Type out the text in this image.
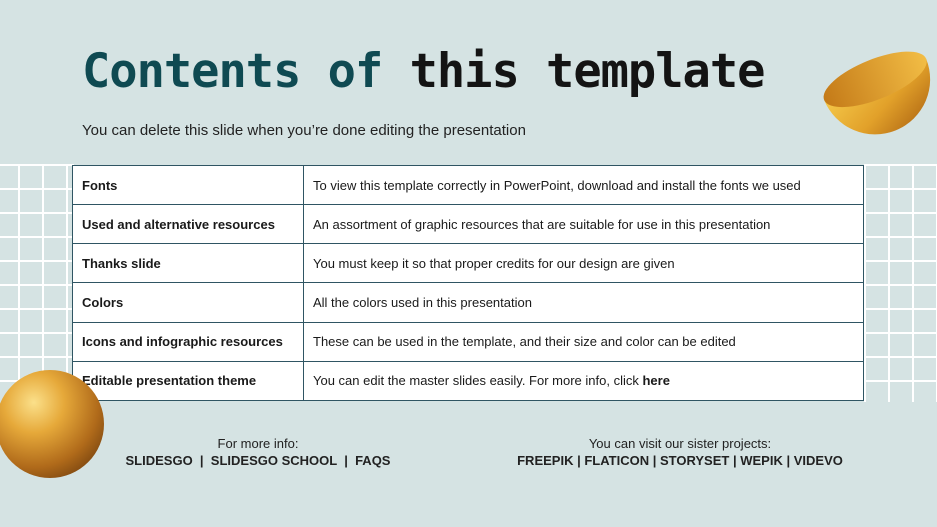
Contents of this template
You can delete this slide when you’re done editing the presentation
Fonts	To view this template correctly in PowerPoint, download and install the fonts we used
Used and alternative resources	An assortment of graphic resources that are suitable for use in this presentation
Thanks slide	You must keep it so that proper credits for our design are given
Colors	All the colors used in this presentation
Icons and infographic resources	These can be used in the template, and their size and color can be edited
Editable presentation theme	You can edit the master slides easily. For more info, click here
For more info:
SLIDESGO | SLIDESGO SCHOOL | FAQS
You can visit our sister projects:
FREEPIK | FLATICON | STORYSET | WEPIK | VIDEVO
